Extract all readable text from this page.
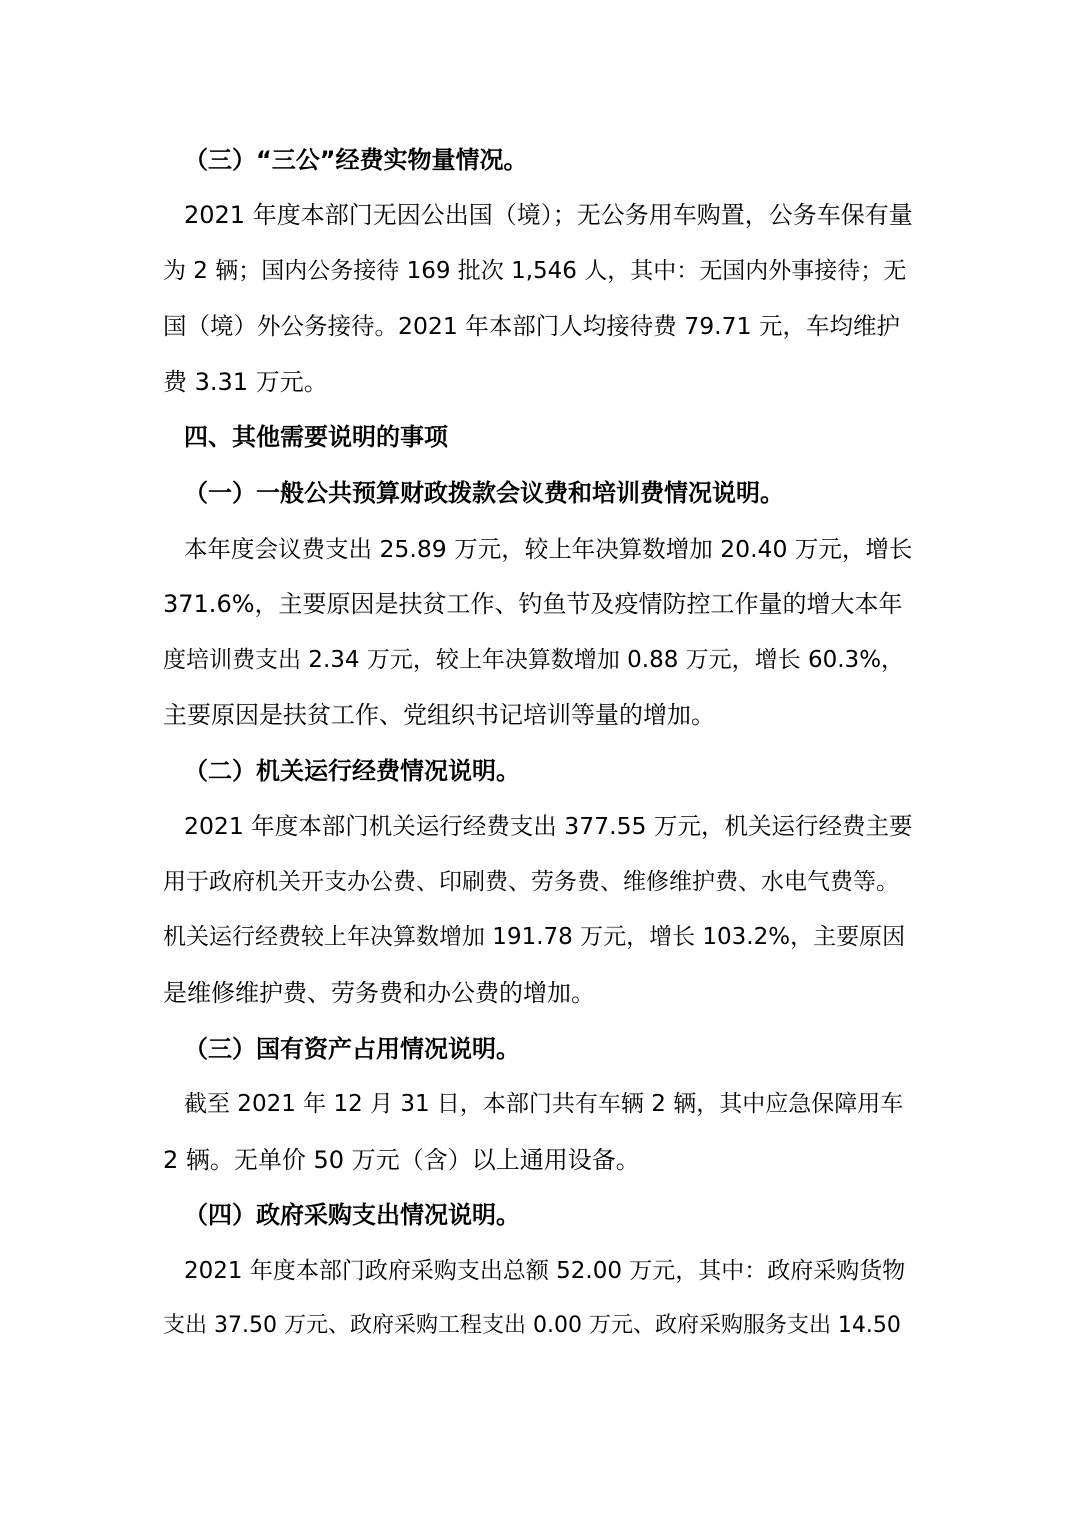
（三）“三公”经费实物量情况。
2021 年度本部门无因公出国（境）；无公务用车购置，公务车保有量
为 2 辆；国内公务接待 169 批次 1,546 人，其中：无国内外事接待；无
国（境）外公务接待。2021 年本部门人均接待费 79.71 元，车均维护
费 3.31 万元。
四、其他需要说明的事项
（一）一般公共预算财政拨款会议费和培训费情况说明。
本年度会议费支出 25.89 万元，较上年决算数增加 20.40 万元，增长
371.6%，主要原因是扶贫工作、钓鱼节及疫情防控工作量的增大本年
度培训费支出 2.34 万元，较上年决算数增加 0.88 万元，增长 60.3%，
主要原因是扶贫工作、党组织书记培训等量的增加。
（二）机关运行经费情况说明。
2021 年度本部门机关运行经费支出 377.55 万元，机关运行经费主要
用于政府机关开支办公费、印刷费、劳务费、维修维护费、水电气费等。
机关运行经费较上年决算数增加 191.78 万元，增长 103.2%，主要原因
是维修维护费、劳务费和办公费的增加。
（三）国有资产占用情况说明。
截至 2021 年 12 月 31 日，本部门共有车辆 2 辆，其中应急保障用车
2 辆。无单价 50 万元（含）以上通用设备。
（四）政府采购支出情况说明。
2021 年度本部门政府采购支出总额 52.00 万元，其中：政府采购货物
支出 37.50 万元、政府采购工程支出 0.00 万元、政府采购服务支出 14.50
